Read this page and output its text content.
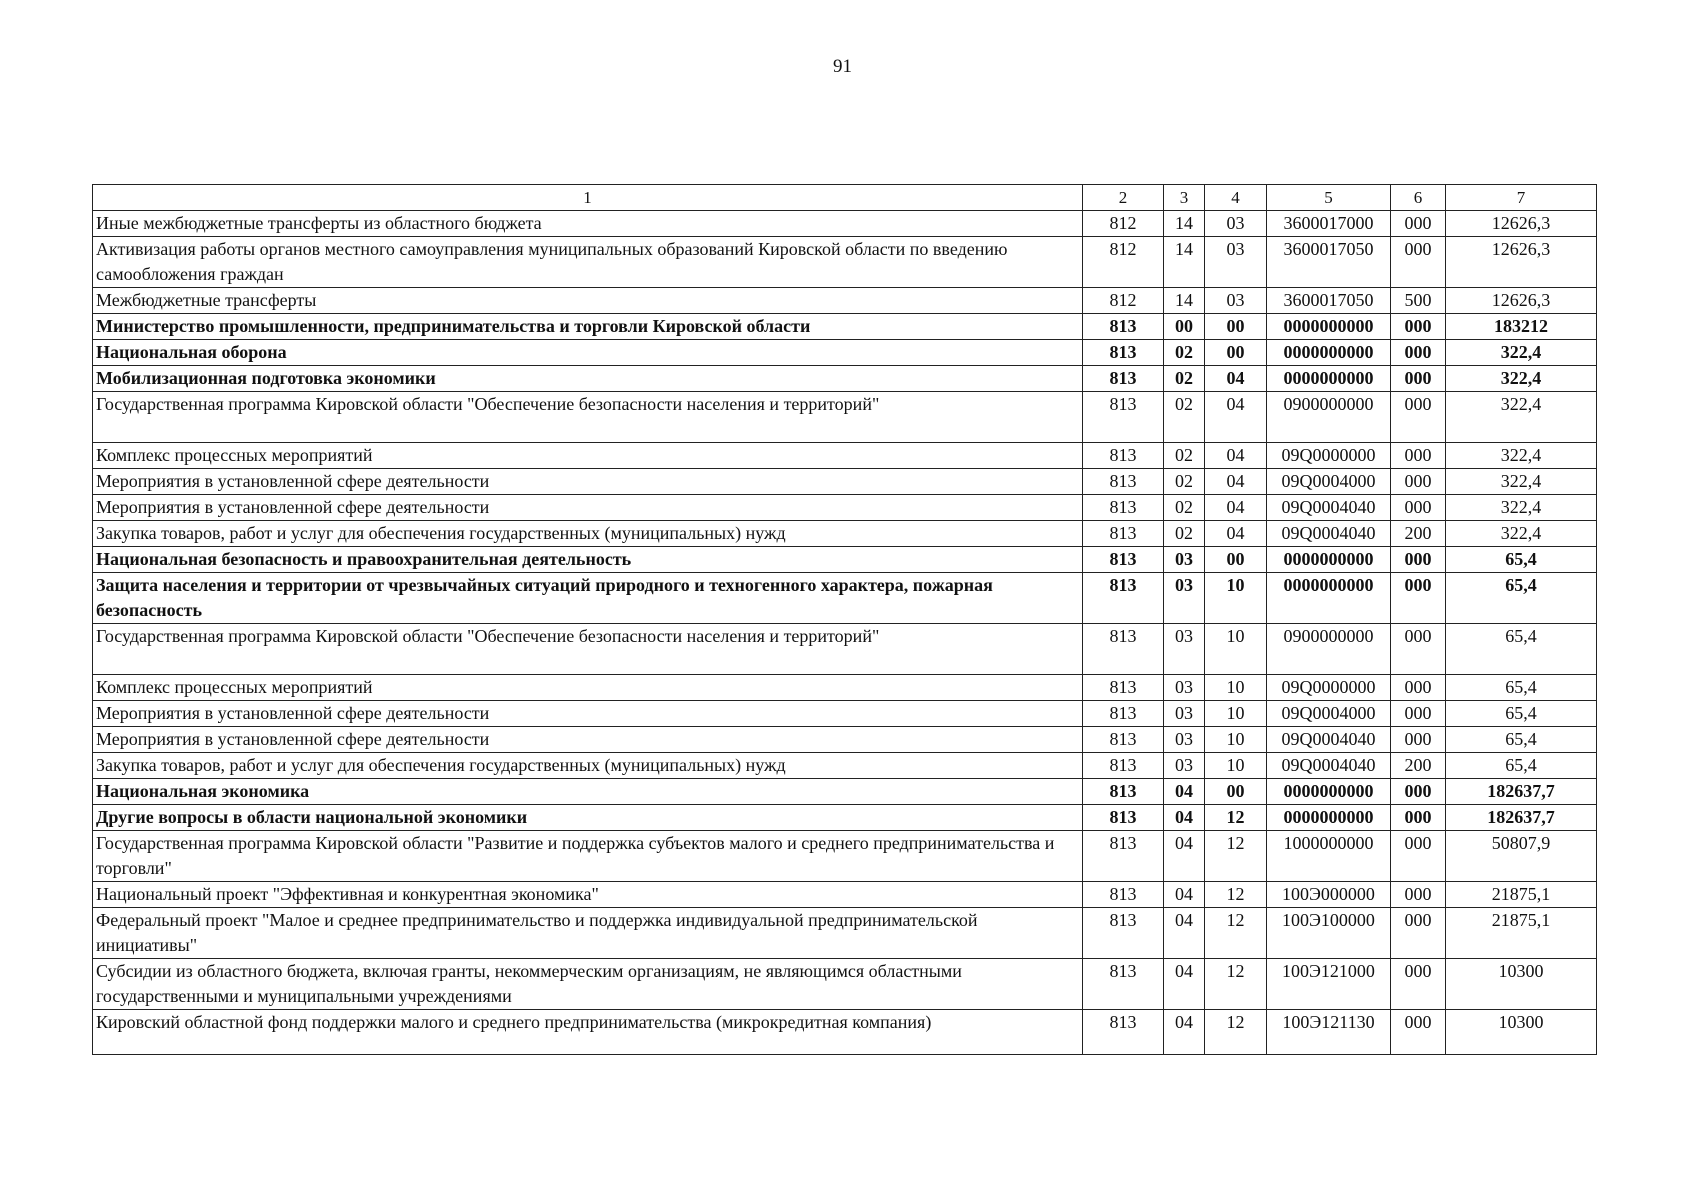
91
1	2	3	4	5	6	7
Иные межбюджетные трансферты из областного бюджета	812	14	03	3600017000	000	12626,3
Активизация работы органов местного самоуправления муниципальных образований Кировской области по введению самообложения граждан	812	14	03	3600017050	000	12626,3
Межбюджетные трансферты	812	14	03	3600017050	500	12626,3
Министерство промышленности, предпринимательства и торговли Кировской области	813	00	00	0000000000	000	183212
Национальная оборона	813	02	00	0000000000	000	322,4
Мобилизационная подготовка экономики	813	02	04	0000000000	000	322,4
Государственная программа Кировской области "Обеспечение безопасности населения и территорий"	813	02	04	0900000000	000	322,4
Комплекс процессных мероприятий	813	02	04	09Q0000000	000	322,4
Мероприятия в установленной сфере деятельности	813	02	04	09Q0004000	000	322,4
Мероприятия в установленной сфере деятельности	813	02	04	09Q0004040	000	322,4
Закупка товаров, работ и услуг для обеспечения государственных (муниципальных) нужд	813	02	04	09Q0004040	200	322,4
Национальная безопасность и правоохранительная деятельность	813	03	00	0000000000	000	65,4
Защита населения и территории от чрезвычайных ситуаций природного и техногенного характера, пожарная безопасность	813	03	10	0000000000	000	65,4
Государственная программа Кировской области "Обеспечение безопасности населения и территорий"	813	03	10	0900000000	000	65,4
Комплекс процессных мероприятий	813	03	10	09Q0000000	000	65,4
Мероприятия в установленной сфере деятельности	813	03	10	09Q0004000	000	65,4
Мероприятия в установленной сфере деятельности	813	03	10	09Q0004040	000	65,4
Закупка товаров, работ и услуг для обеспечения государственных (муниципальных) нужд	813	03	10	09Q0004040	200	65,4
Национальная экономика	813	04	00	0000000000	000	182637,7
Другие вопросы в области национальной экономики	813	04	12	0000000000	000	182637,7
Государственная программа Кировской области "Развитие и поддержка субъектов малого и среднего предпринимательства и торговли"	813	04	12	1000000000	000	50807,9
Национальный проект "Эффективная и конкурентная экономика"	813	04	12	100Э000000	000	21875,1
Федеральный проект "Малое и среднее предпринимательство и поддержка индивидуальной предпринимательской инициативы"	813	04	12	100Э100000	000	21875,1
Субсидии из областного бюджета, включая гранты, некоммерческим организациям, не являющимся областными государственными и муниципальными учреждениями	813	04	12	100Э121000	000	10300
Кировский областной фонд поддержки малого и среднего предпринимательства (микрокредитная компания)	813	04	12	100Э121130	000	10300
